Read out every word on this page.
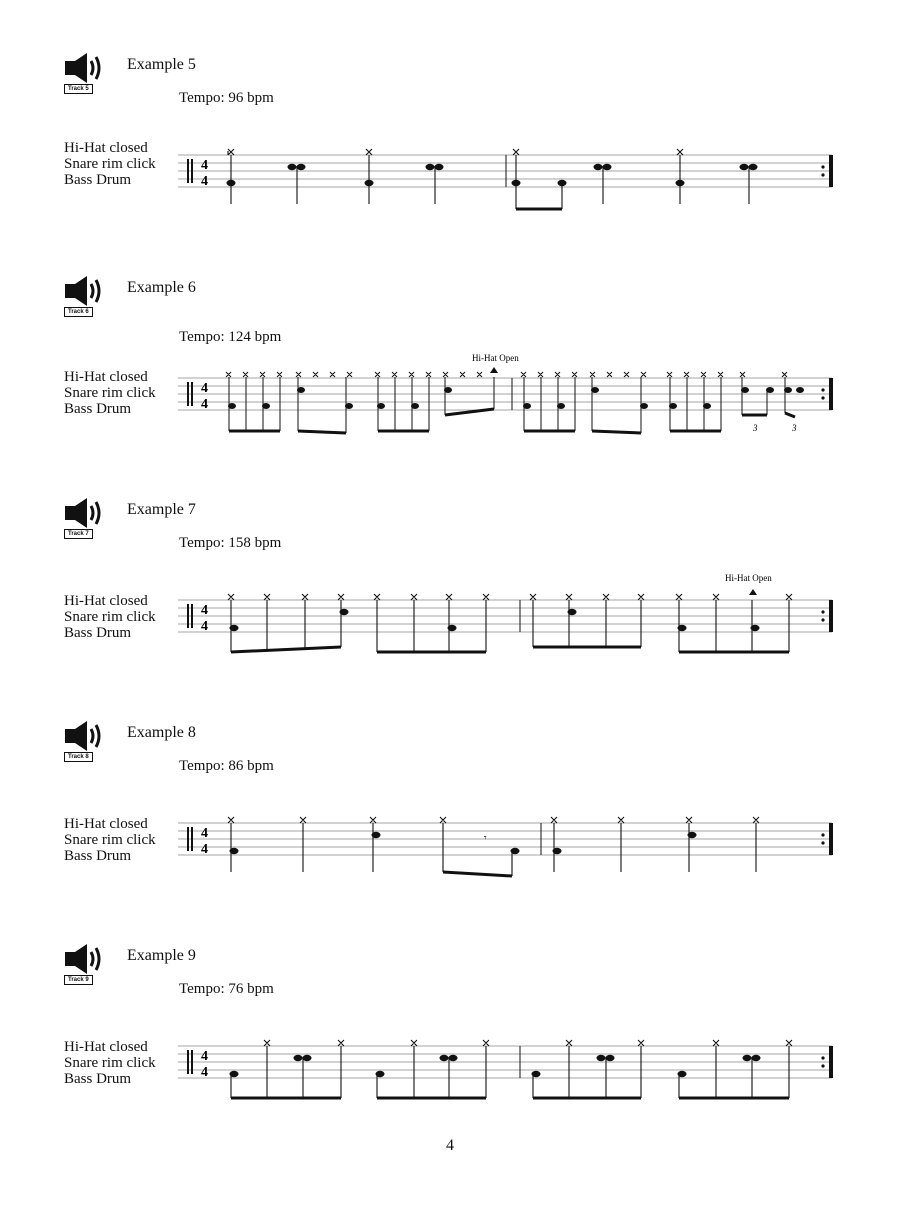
Track 5
Example 5
Tempo: 96 bpm
Hi-Hat closed
Snare rim click
Bass Drum
4
4
Track 6
Example 6
Tempo: 124 bpm
Hi-Hat closed
Snare rim click
Bass Drum
Hi-Hat Open
4
4
3	3
Track 7
Example 7
Tempo: 158 bpm
Hi-Hat closed
Snare rim click
Bass Drum
Hi-Hat Open
4
4
Track 8
Example 8
Tempo: 86 bpm
Hi-Hat closed
Snare rim click
Bass Drum
4
4
𝄾
Track 9
Example 9
Tempo: 76 bpm
Hi-Hat closed
Snare rim click
Bass Drum
4
4
4
